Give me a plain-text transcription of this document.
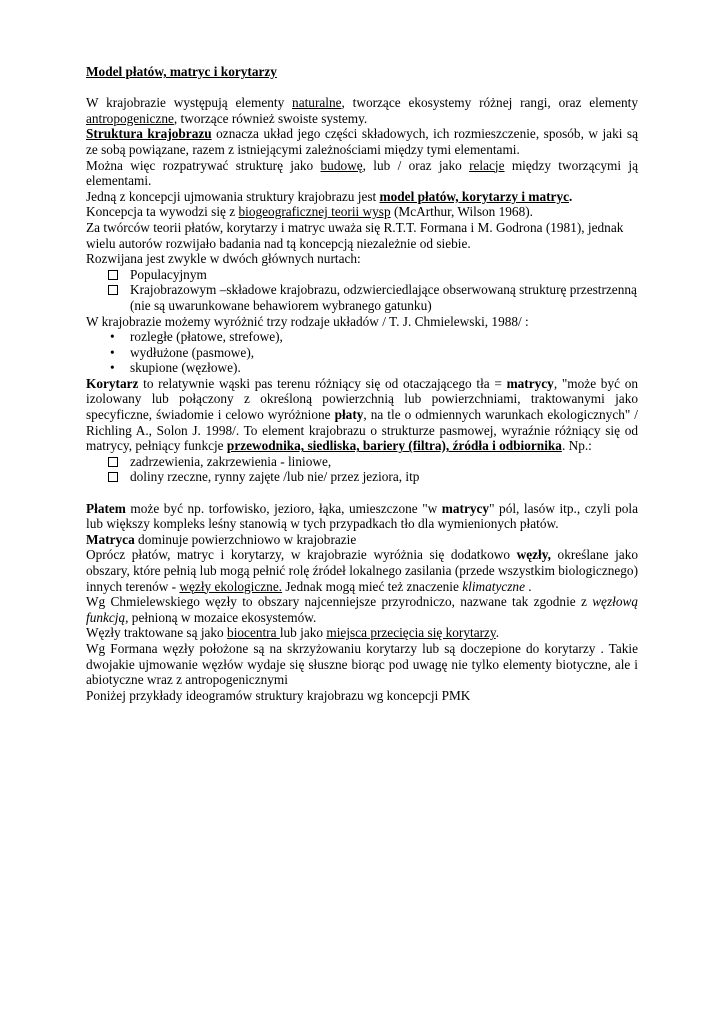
Model płatów, matryc i korytarzy

W krajobrazie występują elementy naturalne, tworzące ekosystemy różnej rangi, oraz elementy antropogeniczne, tworzące również swoiste systemy.

Struktura krajobrazu oznacza układ jego części składowych, ich rozmieszczenie, sposób, w jaki są ze sobą powiązane, razem z istniejącymi zależnościami między tymi elementami.

Można więc rozpatrywać strukturę jako budowę, lub / oraz jako relacje między tworzącymi ją elementami.

Jedną z koncepcji ujmowania struktury krajobrazu jest model płatów, korytarzy i matryc.

Koncepcja ta wywodzi się z biogeograficznej teorii wysp (McArthur, Wilson 1968).

Za twórców teorii płatów, korytarzy i matryc uważa się R.T.T. Formana i M. Godrona (1981), jednak wielu autorów rozwijało badania nad tą koncepcją niezależnie od siebie.

Rozwijana jest zwykle w dwóch głównych nurtach:

Populacyjnym
Krajobrazowym –składowe krajobrazu, odzwierciedlające obserwowaną strukturę przestrzenną (nie są uwarunkowane behawiorem wybranego gatunku)

W krajobrazie możemy wyróżnić trzy rodzaje układów / T. J. Chmielewski, 1988/ :

• rozległe (płatowe, strefowe),
• wydłużone (pasmowe),
• skupione (węzłowe).

Korytarz to relatywnie wąski pas terenu różniący się od otaczającego tła = matrycy, "może być on izolowany lub połączony z określoną powierzchnią lub powierzchniami, traktowanymi jako specyficzne, świadomie i celowo wyróżnione płaty, na tle o odmiennych warunkach ekologicznych" / Richling A., Solon J. 1998/. To element krajobrazu o strukturze pasmowej, wyraźnie różniący się od matrycy, pełniący funkcje przewodnika, siedliska, bariery (filtra), źródła i odbiornika. Np.:

zadrzewienia, zakrzewienia - liniowe,
doliny rzeczne, rynny zajęte /lub nie/ przez jeziora, itp

Płatem może być np. torfowisko, jezioro, łąka, umieszczone "w matrycy" pól, lasów itp., czyli pola lub większy kompleks leśny stanowią w tych przypadkach tło dla wymienionych płatów.

Matryca dominuje powierzchniowo w krajobrazie

Oprócz płatów, matryc i korytarzy, w krajobrazie wyróżnia się dodatkowo węzły, określane jako obszary, które pełnią lub mogą pełnić rolę źródeł lokalnego zasilania (przede wszystkim biologicznego) innych terenów - węzły ekologiczne. Jednak mogą mieć też znaczenie klimatyczne .

Wg Chmielewskiego węzły to obszary najcenniejsze przyrodniczo, nazwane tak zgodnie z węzłową funkcją, pełnioną w mozaice ekosystemów.

Węzły traktowane są jako biocentra lub jako miejsca przecięcia się korytarzy.

Wg Formana węzły położone są na skrzyżowaniu korytarzy lub są doczepione do korytarzy . Takie dwojakie ujmowanie węzłów wydaje się słuszne biorąc pod uwagę nie tylko elementy biotyczne, ale i abiotyczne wraz z antropogenicznymi

Poniżej przykłady ideogramów struktury krajobrazu wg koncepcji PMK
